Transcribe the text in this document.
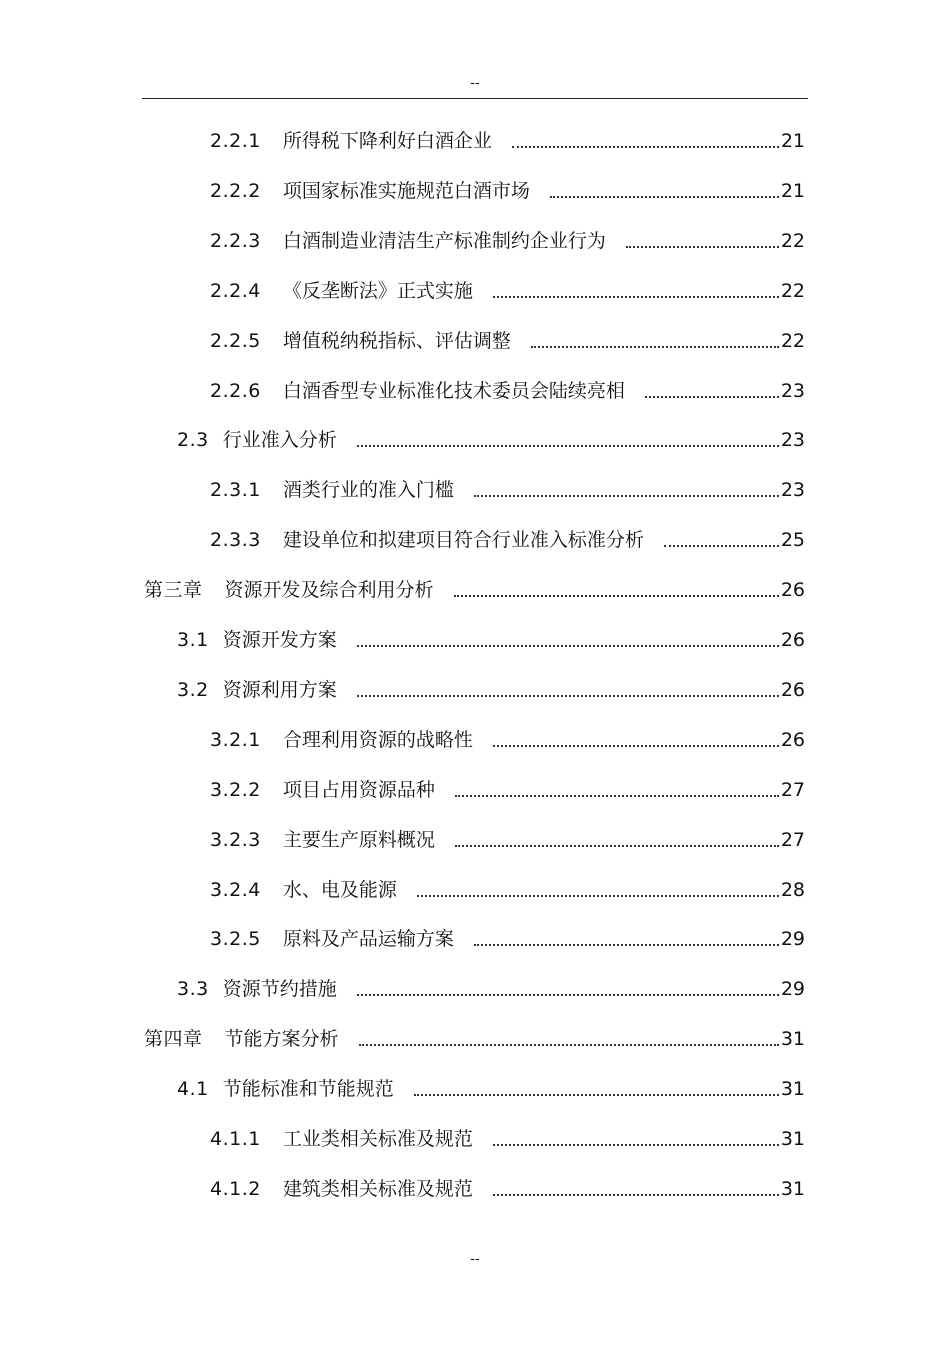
--
2.2.1 所得税下降利好白酒企业	21
2.2.2 项国家标准实施规范白酒市场	21
2.2.3 白酒制造业清洁生产标准制约企业行为	22
2.2.4 《反垄断法》正式实施	22
2.2.5 增值税纳税指标、评估调整	22
2.2.6 白酒香型专业标准化技术委员会陆续亮相	23
2.3 行业准入分析	23
2.3.1 酒类行业的准入门槛	23
2.3.3 建设单位和拟建项目符合行业准入标准分析	25
第三章 资源开发及综合利用分析	26
3.1 资源开发方案	26
3.2 资源利用方案	26
3.2.1 合理利用资源的战略性	26
3.2.2 项目占用资源品种	27
3.2.3 主要生产原料概况	27
3.2.4 水、电及能源	28
3.2.5 原料及产品运输方案	29
3.3 资源节约措施	29
第四章 节能方案分析	31
4.1 节能标准和节能规范	31
4.1.1 工业类相关标准及规范	31
4.1.2 建筑类相关标准及规范	31
--
